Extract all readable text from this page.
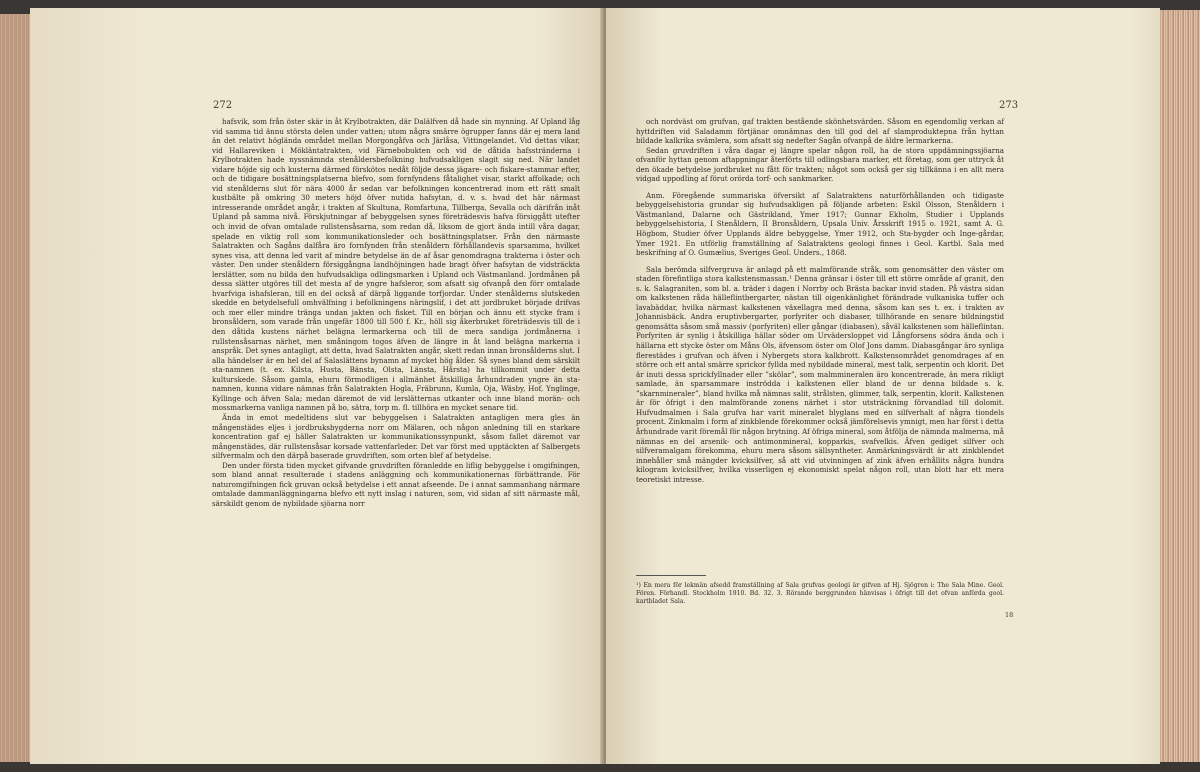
272

hafsvik, som från öster skär in åt Krylbotrakten, där Dalälfven då hade sin mynning. Af Upland låg vid samma tid ännu största delen under vatten; utom några smärre ögrupper fanns där ej mera land än det relativt högländа området mellan Morgongåfva och Järlåsa, Vittingelandet. Vid dettas vikar, vid Hallareviken i Mökläntatrakten, vid Färnebobukten och vid de dåtida hafsstränderna i Krylbotrakten hade nyssnämnda stenåldersbefolkning hufvudsakligen slagit sig ned. När landet vidare höjde sig och kusterna därmed förskötos nedåt följde dessa jägare- och fiskare-stammar efter, och de tidigare bosättningsplatserna blefvo, som fornfyndens fåtalighet visar, starkt affolkade; och vid stenålderns slut för nära 4000 år sedan var befolkningen koncentrerad inom ett rätt smalt kustbälte på omkring 30 meters höjd öfver nutida hafsytan, d. v. s. hvad det här närmast intresserande området angår, i trakten af Skultuna, Romfartuna, Tillberga, Sevalla och därifrån inåt Upland på samma nivå. Förskjutningar af bebyggelsen synes företrädesvis hafva försiggått utefter och invid de ofvan omtalade rullstensåsarna, som redan då, liksom de gjort ända intill våra dagar, spelade en viktig roll som kommunikationsleder och bosättningsplatser. Från den närmaste Salatrakten och Sagåns dalfåra äro fornfynden från stenåldern förhållandevis sparsamma, hvilket synes visa, att denna led varit af mindre betydelse än de af åsar genomdragna trakterna i öster och väster. Den under stenåldern försiggångna landhöjningen hade bragt öfver hafsytan de vidsträckta lerslätter, som nu bilda den hufvudsakliga odlingsmarken i Upland och Västmanland. Jordmånen på dessa slätter utgöres till det mesta af de yngre hafsleror, som afsatt sig ofvanpå den förr omtalade hvarfviga ishafsleran, till en del också af därpå liggande torfjordar. Under stenålderns slutskeden skedde en betydelsefull omhvälfning i befolkningens näringslif, i det att jordbruket började drifvas och mer eller mindre tränga undan jakten och fisket. Till en början och ännu ett stycke fram i bronsåldern, som varade från ungefär 1800 till 500 f. Kr., höll sig åkerbruket företrädesvis till de i den dåtida kustens närhet belägna lermarkerna och till de mera sandiga jordmånerna i rullstensåsarnas närhet, men småningom togos äfven de längre in åt land belägna markerna i anspråk. Det synes antagligt, att detta, hvad Salatrakten angår, skett redan innan bronsålderns slut. I alla händelser är en hel del af Salaslättens bynamn af mycket hög ålder. Så synes bland dem särskilt sta-namnen (t. ex. Kilsta, Husta, Bänsta, Olsta, Länsta, Hårsta) ha tillkommit under detta kulturskede. Såsom gamla, ehuru förmodligen i allmänhet åtskilliga århundraden yngre än sta-namnen, kunna vidare nämnas från Salatrakten Hogla, Fräbrunn, Kumla, Oja, Wäsby, Hof, Ynglinge, Kyllinge och äfven Sala; medan däremot de vid lerslätternas utkanter och inne bland morän- och mossmarkerna vanliga namnen på bo, sätra, torp m. fl. tillhöra en mycket senare tid.

Ända in emot medeltidens slut var bebyggelsen i Salatrakten antagligen mera gles än mångenstädes eljes i jordbruksbygderna norr om Mälaren, och någon anledning till en starkare koncentration gaf ej häller Salatrakten ur kommunikationssynpunkt, såsom fallet däremot var mångenstädes, där rullstensåsar korsade vattenfarleder. Det var först med upptäckten af Salbergets silfvermalm och den därpå baserade gruvdriften, som orten blef af betydelse.

Den under första tiden mycket gifvande gruvdriften föranledde en liflig bebyggelse i omgifningen, som bland annat resulterade i stadens anläggning och kommunikationernas förbättrande. För naturomgifningen fick gruvan också betydelse i ett annat afseende. De i annat sammanhang närmare omtalade dammanläggningarna blefvo ett nytt inslag i naturen, som, vid sidan af sitt närmaste mål, särskildt genom de nybildade sjöarna norr

273

och nordväst om grufvan, gaf trakten bestående skönhetsvärden. Såsom en egendomlig verkan af hyttdriften vid Saladamm förtjänar omnämnas den till god del af slamproduktерna från hyttan bildade kalkrika svämlera, som afsatt sig nedefter Sagån ofvanpå de äldre lermarkerna.

Sedan gruvdriften i våra dagar ej längre spelar någon roll, ha de stora uppdämningssjöarna ofvanför hyttan genom aftappningar återförts till odlingsbara marker, ett företag, som ger uttryck åt den ökade betydelse jordbruket nu fått för trakten; något som också ger sig tillkänna i en allt mera vidgad uppodling af förut orörda torf- och sankmarker.

Anm. Föregående summariska öfversikt af Salatraktens naturförhållanden och tidigaste bebyggelsehistoria grundar sig hufvudsakligen på följande arbeten: Eskil Olsson, Stenåldern i Västmanland, Dalarne och Gästrikland, Ymer 1917; Gunnar Ekholm, Studier i Upplands bebyggelsehistoria, I Stenåldern, II Bronsåldern, Upsala Univ. Årsskrift 1915 o. 1921, samt A. G. Högbom, Studier öfver Upplands äldre bebyggelse, Ymer 1912, och Sta-bygder och Inge-gårdar, Ymer 1921. En utförlig framställning af Salatraktens geologi finnes i Geol. Kartbl. Sala med beskrifning af O. Gumælius, Sveriges Geol. Unders., 1868.

Sala berömda silfvergruva är anlagd på ett malmförande stråk, som genomsätter den väster om staden förefintliga stora kalkstensmassan.¹ Denna gränsar i öster till ett större område af granit, den s. k. Salagraniten, som bl. a. träder i dagen i Norrby och Brästa backar invid staden. På västra sidan om kalkstenen råda hälleflintbergarter, nästan till oigenkänlighet förändrade vulkaniska tuffer och lavabäddar, hvilka närmast kalkstenen växellagra med denna, såsom kan ses t. ex. i trakten av Johannisbäck. Andra eruptivbergarter, porfyriter och diabaser, tillhörande en senare bildningstid genomsätta såsom små massiv (porfyriten) eller gångar (diabasen), såväl kalkstenen som hälleflintan. Porfyriten är synlig i åtskilliga hällar söder om Urvädersloppet vid Långforsens södra ända och i hällarna ett stycke öster om Måns Ols, äfvensom öster om Olof Jons damm. Diabasgångar äro synliga flerestädes i grufvan och äfven i Nybergets stora kalkbrott. Kalkstensområdet genomdrages af en större och ett antal smärre sprickor fyllda med nybildade mineral, mest talk, serpentin och klorit. Det är inuti dessa sprickfyllnader eller ”skölar”, som malmmineralen äro koncentrerade, än mera rikligt samlade, än sparsammare inströdda i kalkstenen eller bland de ur denna bildade s. k. ”skarnmineraler”, bland hvilka må nämnas salit, strålsten, glimmer, talk, serpentin, klorit. Kalkstenen är för öfrigt i den malmförande zonens närhet i stor utsträckning förvandlad till dolomit. Hufvudmalmen i Sala grufva har varit mineralet blyglans med en silfverhalt af några tiondels procent. Zinkmalm i form af zinkblende förekommer också jämförelsevis ymnigt, men har först i detta århundrade varit föremål för någon brytning. Af öfriga mineral, som åtföljа de nämnda malmerna, må nämnas en del arsenik- och antimonmineral, kopparkis, svafvelkis. Äfven gediget silfver och silfveramalgam förekomma, ehuru mera såsom sällsyntheter. Anmärkningsvärdt är att zinkblendet innehåller små mängder kvicksilfver, så att vid utvinningen af zink äfven erhållits några hundra kilogram kvicksilfver, hvilka visserligen ej ekonomiskt spelat någon roll, utan blott har ett mera teoretiskt intresse.

¹) En mera för lekmän afsedd framställning af Sala grufvas geologi är gifven af Hj. Sjögren i: The Sala Mine. Geol. Fören. Förhandl. Stockholm 1910. Bd. 32. 3. Rörande berggrunden hänvisas i öfrigt till det ofvan anförda geol. kartbladet Sala.
18
